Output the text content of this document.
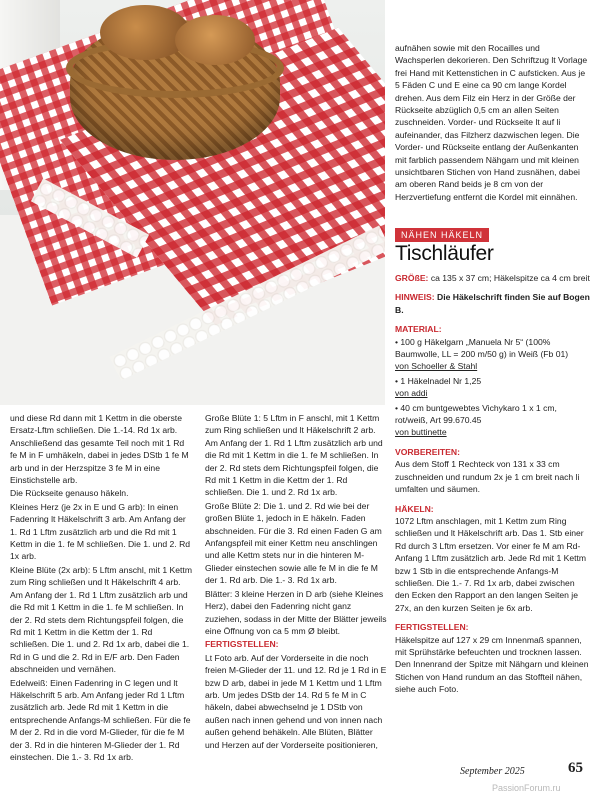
aufnähen sowie mit den Rocailles und Wachsperlen dekorieren. Den Schriftzug lt Vorlage frei Hand mit Kettenstichen in C aufsticken. Aus je 5 Fäden C und E eine ca 90 cm lange Kordel drehen. Aus dem Filz ein Herz in der Größe der Rückseite abzüglich 0,5 cm an allen Seiten zuschneiden. Vorder- und Rückseite lt auf li aufeinander, das Filzherz dazwischen legen. Die Vorder- und Rückseite entlang der Außenkanten mit farblich passendem Nähgarn und mit kleinen unsichtbaren Stichen von Hand zusnähen, dabei am oberen Rand beids je 8 cm von der Herzvertiefung entfernt die Kordel mit einnähen.
NÄHEN HÄKELN
Tischläufer

GRÖßE: ca 135 x 37 cm; Häkelspitze ca 4 cm breit

HINWEIS: Die Häkelschrift finden Sie auf Bogen B.

MATERIAL:
• 100 g Häkelgarn „Manuela Nr 5“ (100% Baumwolle, LL = 200 m/50 g) in Weiß (Fb 01)
von Schoeller & Stahl

• 1 Häkelnadel Nr 1,25
von addi

• 40 cm buntgewebtes Vichykaro 1 x 1 cm, rot/weiß, Art 99.670.45
von buttinette

VORBEREITEN:
Aus dem Stoff 1 Rechteck von 131 x 33 cm zuschneiden und rundum 2x je 1 cm breit nach li umfalten und säumen.

HÄKELN:
1072 Lftm anschlagen, mit 1 Kettm zum Ring schließen und lt Häkelschrift arb. Das 1. Stb einer Rd durch 3 Lftm ersetzen. Vor einer fe M am Rd-Anfang 1 Lftm zusätzlich arb. Jede Rd mit 1 Kettm bzw 1 Stb in die entsprechende Anfangs-M schließen. Die 1.- 7. Rd 1x arb, dabei zwischen den Ecken den Rapport an den langen Seiten je 27x, an den kurzen Seiten je 6x arb.

FERTIGSTELLEN:
Häkelspitze auf 127 x 29 cm Innenmaß spannen, mit Sprühstärke befeuchten und trocknen lassen. Den Innenrand der Spitze mit Nähgarn und kleinen Stichen von Hand rundum an das Stoffteil nähen, siehe auch Foto.

und diese Rd dann mit 1 Kettm in die oberste Ersatz-Lftm schließen. Die 1.-14. Rd 1x arb. Anschließend das gesamte Teil noch mit 1 Rd fe M in F umhäkeln, dabei in jedes DStb 1 fe M arb und in der Herzspitze 3 fe M in eine Einstichstelle arb.

Die Rückseite genauso häkeln.

Kleines Herz (je 2x in E und G arb): In einen Fadenring lt Häkelschrift 3 arb. Am Anfang der 1. Rd 1 Lftm zusätzlich arb und die Rd mit 1 Kettm in die 1. fe M schließen. Die 1. und 2. Rd 1x arb.

Kleine Blüte (2x arb): 5 Lftm anschl, mit 1 Kettm zum Ring schließen und lt Häkelschrift 4 arb. Am Anfang der 1. Rd 1 Lftm zusätzlich arb und die Rd mit 1 Kettm in die 1. fe M schließen. In der 2. Rd stets dem Richtungspfeil folgen, die Rd mit 1 Kettm in die Kettm der 1. Rd schließen. Die 1. und 2. Rd 1x arb, dabei die 1. Rd in G und die 2. Rd in E/F arb. Den Faden abschneiden und vernähen.

Edelweiß: Einen Fadenring in C legen und lt Häkelschrift 5 arb. Am Anfang jeder Rd 1 Lftm zusätzlich arb. Jede Rd mit 1 Kettm in die entsprechende Anfangs-M schließen. Für die fe M der 2. Rd in die vord M-Glieder, für die fe M der 3. Rd in die hinteren M-Glieder der 1. Rd einstechen. Die 1.- 3. Rd 1x arb.

Große Blüte 1: 5 Lftm in F anschl, mit 1 Kettm zum Ring schließen und lt Häkelschrift 2 arb. Am Anfang der 1. Rd 1 Lftm zusätzlich arb und die Rd mit 1 Kettm in die 1. fe M schließen. In der 2. Rd stets dem Richtungspfeil folgen, die Rd mit 1 Kettm in die Kettm der 1. Rd schließen. Die 1. und 2. Rd 1x arb.

Große Blüte 2: Die 1. und 2. Rd wie bei der großen Blüte 1, jedoch in E häkeln. Faden abschneiden. Für die 3. Rd einen Faden G am Anfangspfeil mit einer Kettm neu anschlingen und alle Kettm stets nur in die hinteren M-Glieder einstechen sowie alle fe M in die fe M der 1. Rd arb. Die 1.- 3. Rd 1x arb.

Blätter: 3 kleine Herzen in D arb (siehe Kleines Herz), dabei den Fadenring nicht ganz zuziehen, sodass in der Mitte der Blätter jeweils eine Öffnung von ca 5 mm Ø bleibt.

FERTIGSTELLEN:

Lt Foto arb. Auf der Vorderseite in die noch freien M-Glieder der 11. und 12. Rd je 1 Rd in E bzw D arb, dabei in jede M 1 Kettm und 1 Lftm arb. Um jedes DStb der 14. Rd 5 fe M in C häkeln, dabei abwechselnd je 1 DStb von außen nach innen gehend und von innen nach außen gehend behäkeln. Alle Blüten, Blätter und Herzen auf der Vorderseite positionieren,

September 2025	65
PassionForum.ru
